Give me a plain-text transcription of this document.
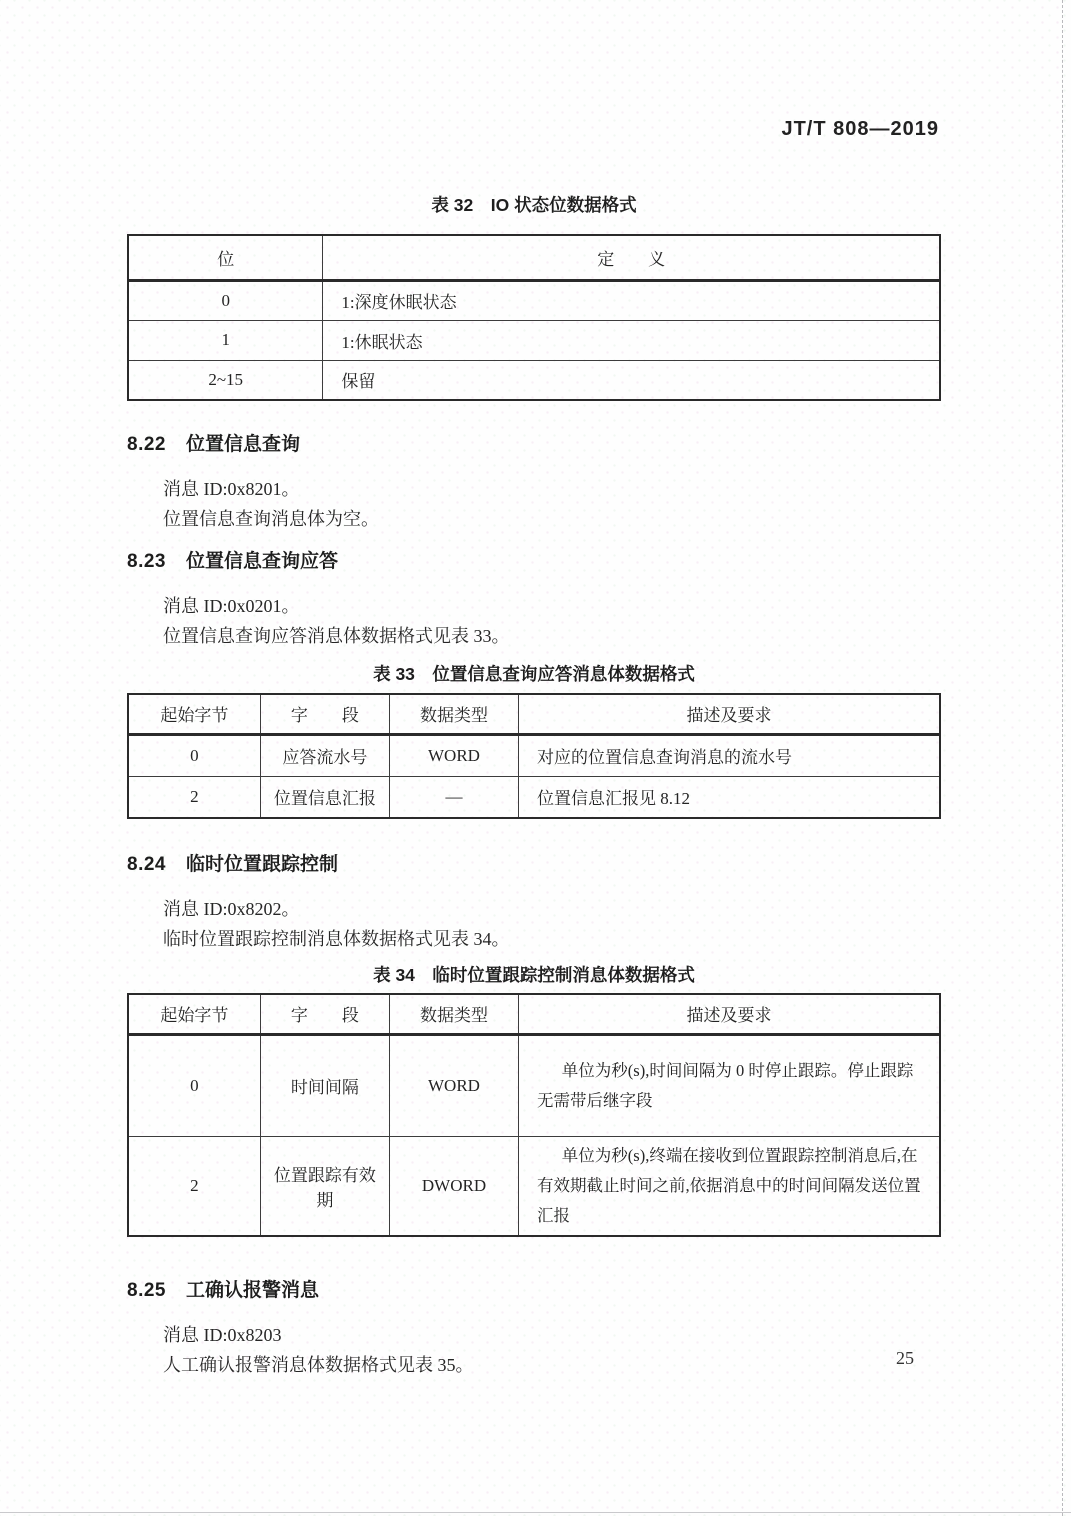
JT/T 808—2019
表 32　IO 状态位数据格式
位	定　　义
0	1:深度休眠状态
1	1:休眠状态
2~15	保留
8.22 位置信息查询

消息 ID:0x8201。

位置信息查询消息体为空。

8.23 位置信息查询应答

消息 ID:0x0201。

位置信息查询应答消息体数据格式见表 33。

表 33　位置信息查询应答消息体数据格式
起始字节	字　　段	数据类型	描述及要求
0	应答流水号	WORD	对应的位置信息查询消息的流水号
2	位置信息汇报	—	位置信息汇报见 8.12
8.24 临时位置跟踪控制

消息 ID:0x8202。

临时位置跟踪控制消息体数据格式见表 34。

表 34　临时位置跟踪控制消息体数据格式
起始字节	字　　段	数据类型	描述及要求
0	时间间隔	WORD	单位为秒(s),时间间隔为 0 时停止跟踪。停止跟踪无需带后继字段
2	位置跟踪有效期	DWORD	单位为秒(s),终端在接收到位置跟踪控制消息后,在有效期截止时间之前,依据消息中的时间间隔发送位置汇报
8.25 工确认报警消息

消息 ID:0x8203

人工确认报警消息体数据格式见表 35。	25
